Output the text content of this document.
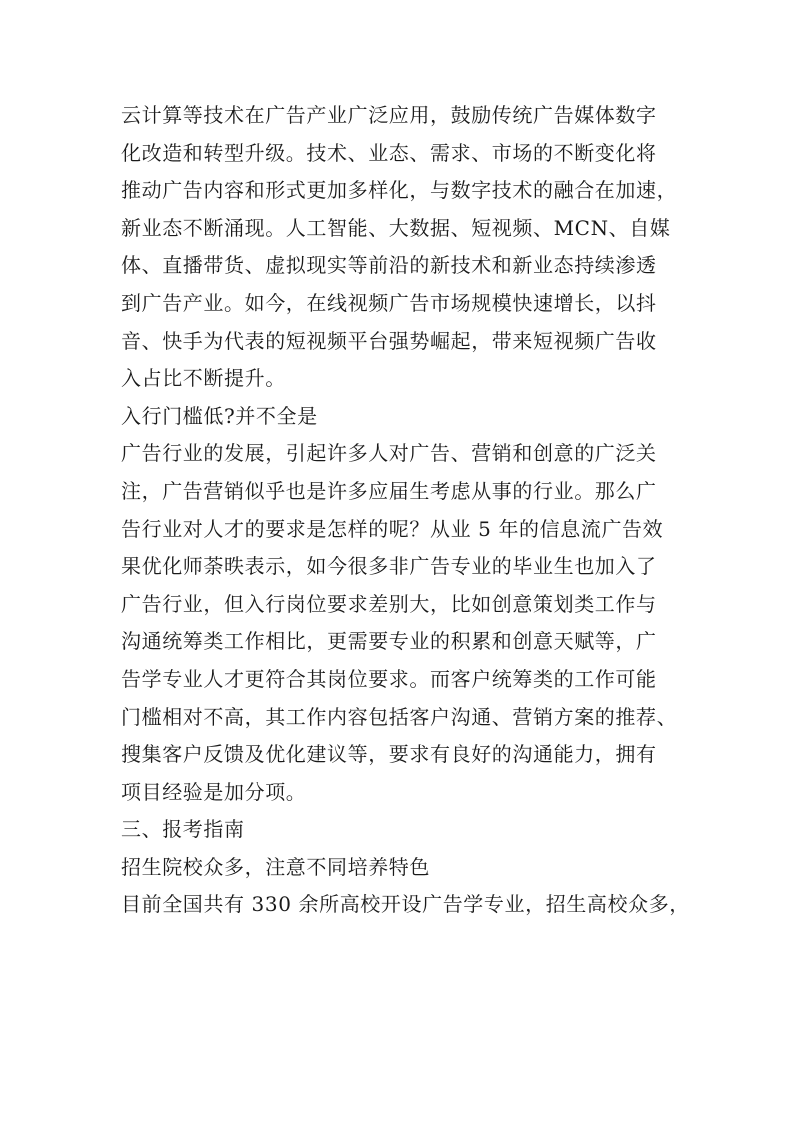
云计算等技术在广告产业广泛应用，鼓励传统广告媒体数字
化改造和转型升级。技术、业态、需求、市场的不断变化将
推动广告内容和形式更加多样化，与数字技术的融合在加速，
新业态不断涌现。人工智能、大数据、短视频、MCN、自媒
体、直播带货、虚拟现实等前沿的新技术和新业态持续渗透
到广告产业。如今，在线视频广告市场规模快速增长，以抖
音、快手为代表的短视频平台强势崛起，带来短视频广告收
入占比不断提升。

入行门槛低?并不全是

广告行业的发展，引起许多人对广告、营销和创意的广泛关
注，广告营销似乎也是许多应届生考虑从事的行业。那么广
告行业对人才的要求是怎样的呢？从业 5 年的信息流广告效
果优化师荼昳表示，如今很多非广告专业的毕业生也加入了
广告行业，但入行岗位要求差别大，比如创意策划类工作与
沟通统筹类工作相比，更需要专业的积累和创意天赋等，广
告学专业人才更符合其岗位要求。而客户统筹类的工作可能
门槛相对不高，其工作内容包括客户沟通、营销方案的推荐、
搜集客户反馈及优化建议等，要求有良好的沟通能力，拥有
项目经验是加分项。

三、报考指南

招生院校众多，注意不同培养特色

目前全国共有 330 余所高校开设广告学专业，招生高校众多，
